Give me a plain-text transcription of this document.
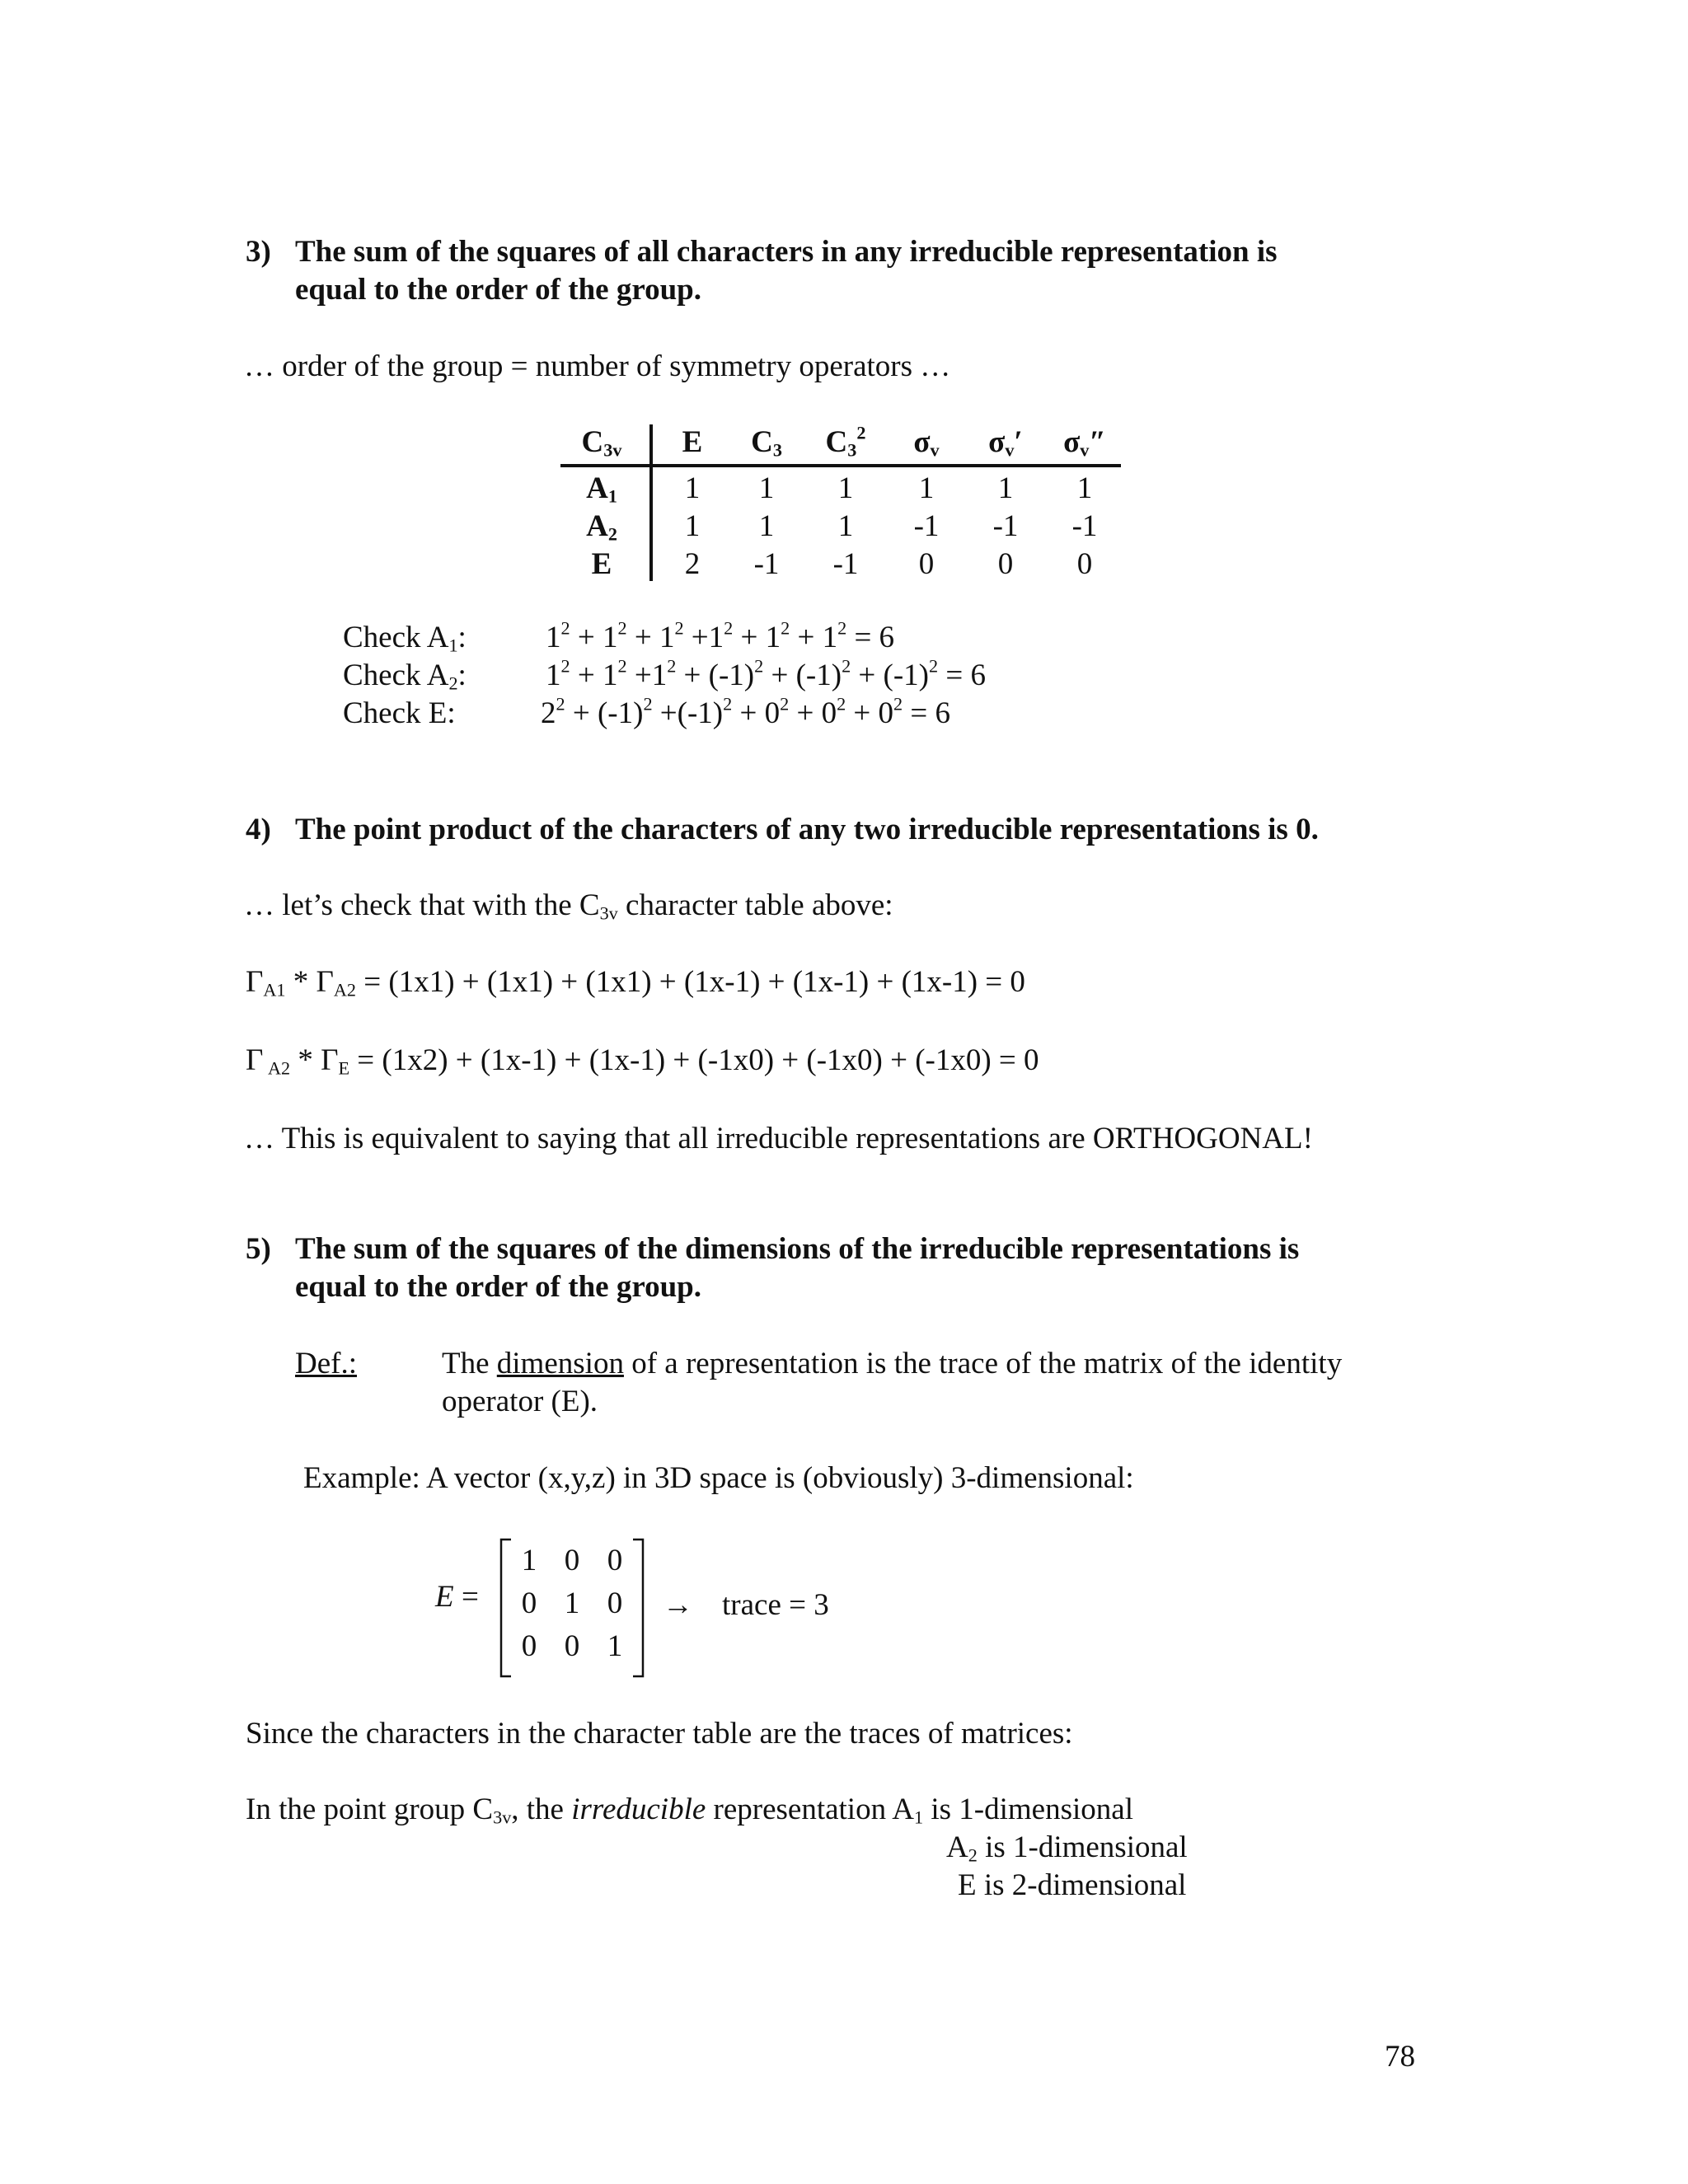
3) The sum of the squares of all characters in any irreducible representation is
equal to the order of the group.
… order of the group = number of symmetry operators …
$C_{3v}$	E	$C_3$	$C_3^2$	$\sigma_v$	$\sigma_v'$	$\sigma_v''$
$A_1$	1	1	1	1	1	1
$A_2$	1	1	1	-1	-1	-1
E	2	-1	-1	0	0	0
Check $A_1$:	$1^2 + 1^2 + 1^2 +1^2 + 1^2 + 1^2 = 6$
Check $A_2$:	$1^2 + 1^2 +1^2 + (-1)^2 + (-1)^2 + (-1)^2 = 6$
Check E:	$2^2 + (-1)^2 +(-1)^2 + 0^2 + 0^2 + 0^2 = 6$
4) The point product of the characters of any two irreducible representations is 0.
… let’s check that with the $C_{3v}$ character table above:
$\Gamma_{A1} * \Gamma_{A2} = (1x1) + (1x1) + (1x1) + (1x-1) + (1x-1) + (1x-1) = 0$
Γ $_{A2} * \Gamma_E = (1x2) + (1x-1) + (1x-1) + (-1x0) + (-1x0) + (-1x0) = 0$
… This is equivalent to saying that all irreducible representations are ORTHOGONAL!
5) The sum of the squares of the dimensions of the irreducible representations is
equal to the order of the group.
Def.:	The dimension of a representation is the trace of the matrix of the identity
operator (E).
Example: A vector (x,y,z) in 3D space is (obviously) 3-dimensional:
E =
1 0 0
0 1 0
0 0 1
→ trace = 3
Since the characters in the character table are the traces of matrices:
In the point group $C_{3v}$, the irreducible representation $A_1$ is 1-dimensional
$A_2$ is 1-dimensional
E is 2-dimensional
78
